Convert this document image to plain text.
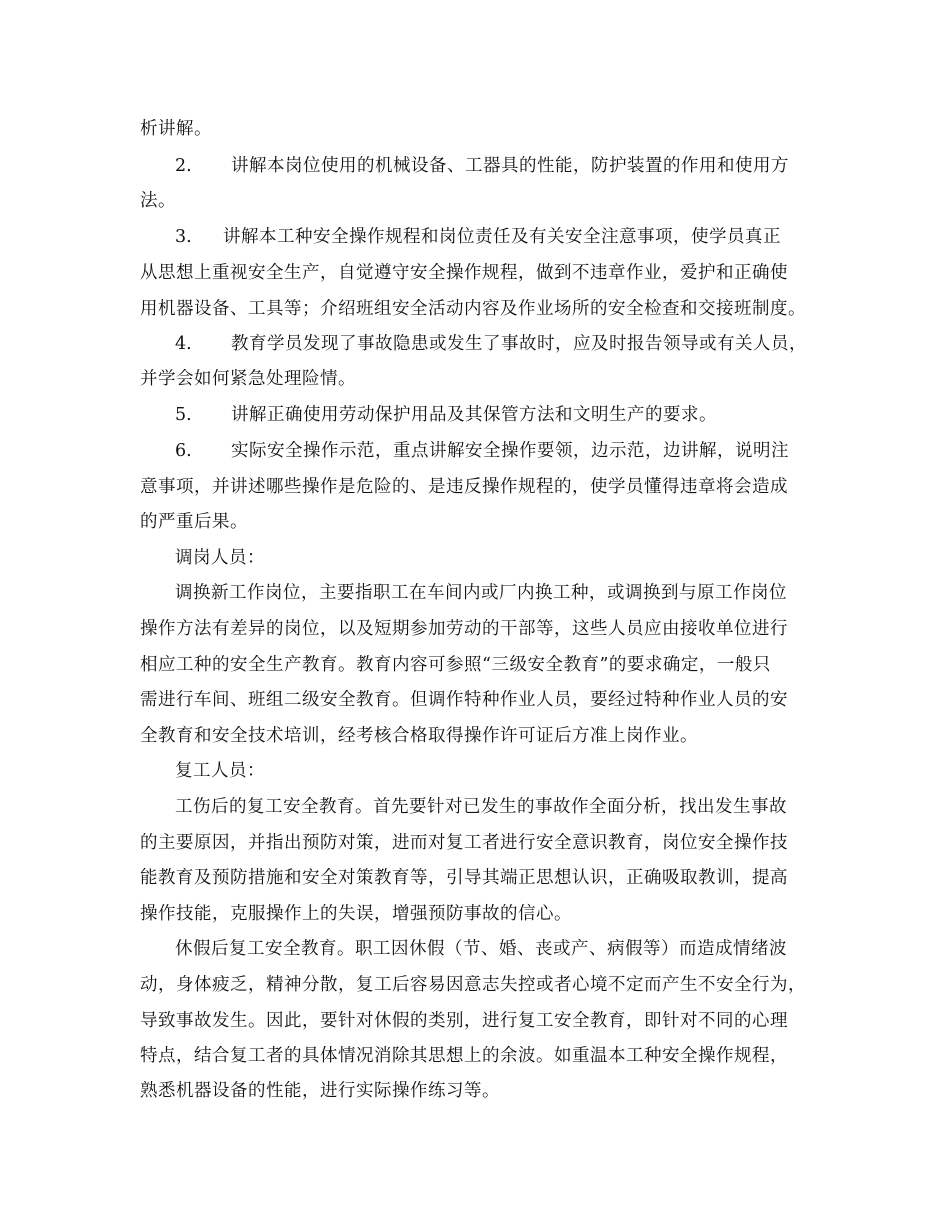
析讲解。
2. 讲解本岗位使用的机械设备、工器具的性能，防护装置的作用和使用方
法。
3. 讲解本工种安全操作规程和岗位责任及有关安全注意事项，使学员真正
从思想上重视安全生产，自觉遵守安全操作规程，做到不违章作业，爱护和正确使
用机器设备、工具等；介绍班组安全活动内容及作业场所的安全检查和交接班制度。
4. 教育学员发现了事故隐患或发生了事故时，应及时报告领导或有关人员，
并学会如何紧急处理险情。
5. 讲解正确使用劳动保护用品及其保管方法和文明生产的要求。
6. 实际安全操作示范，重点讲解安全操作要领，边示范，边讲解，说明注
意事项，并讲述哪些操作是危险的、是违反操作规程的，使学员懂得违章将会造成
的严重后果。
调岗人员：
调换新工作岗位，主要指职工在车间内或厂内换工种，或调换到与原工作岗位
操作方法有差异的岗位，以及短期参加劳动的干部等，这些人员应由接收单位进行
相应工种的安全生产教育。教育内容可参照“三级安全教育”的要求确定，一般只
需进行车间、班组二级安全教育。但调作特种作业人员，要经过特种作业人员的安
全教育和安全技术培训，经考核合格取得操作许可证后方准上岗作业。
复工人员：
工伤后的复工安全教育。首先要针对已发生的事故作全面分析，找出发生事故
的主要原因，并指出预防对策，进而对复工者进行安全意识教育，岗位安全操作技
能教育及预防措施和安全对策教育等，引导其端正思想认识，正确吸取教训，提高
操作技能，克服操作上的失误，增强预防事故的信心。
休假后复工安全教育。职工因休假（节、婚、丧或产、病假等）而造成情绪波
动，身体疲乏，精神分散，复工后容易因意志失控或者心境不定而产生不安全行为，
导致事故发生。因此，要针对休假的类别，进行复工安全教育，即针对不同的心理
特点，结合复工者的具体情况消除其思想上的余波。如重温本工种安全操作规程，
熟悉机器设备的性能，进行实际操作练习等。
